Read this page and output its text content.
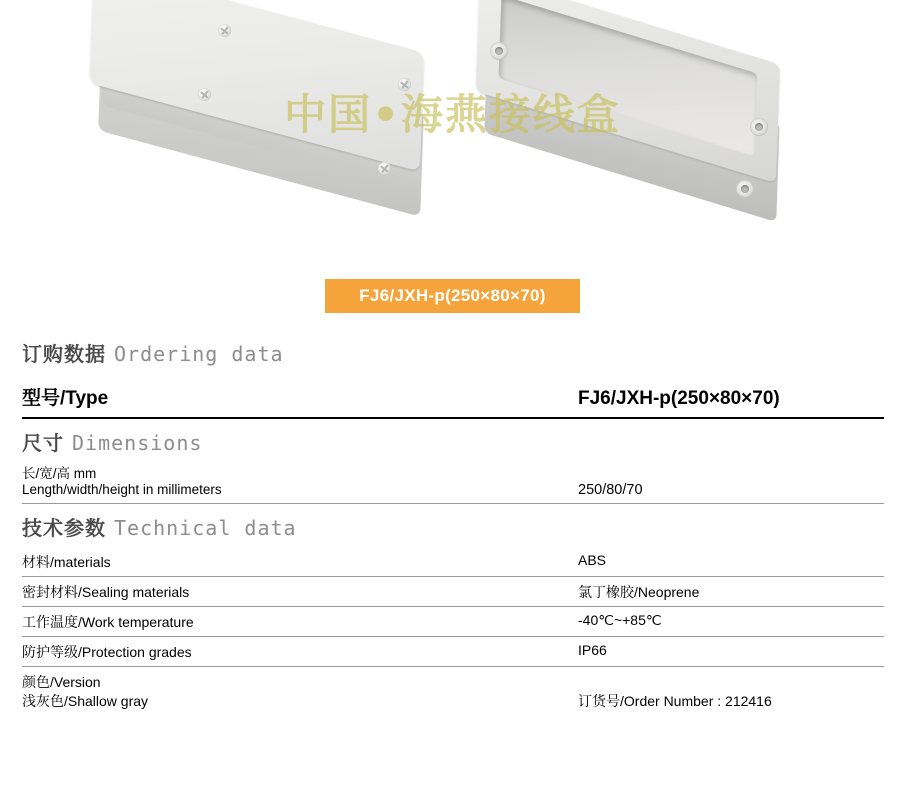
中国•海燕接线盒
FJ6/JXH-p(250×80×70)
订购数据 Ordering data
型号/Type	FJ6/JXH-p(250×80×70)
尺寸 Dimensions
长/宽/高 mm
Length/width/height in millimeters	250/80/70
技术参数 Technical data
材料/materials	ABS
密封材料/Sealing materials	氯丁橡胶/Neoprene
工作温度/Work temperature	-40℃~+85℃
防护等级/Protection grades	IP66
颜色/Version
浅灰色/Shallow gray	订货号/Order Number : 212416
